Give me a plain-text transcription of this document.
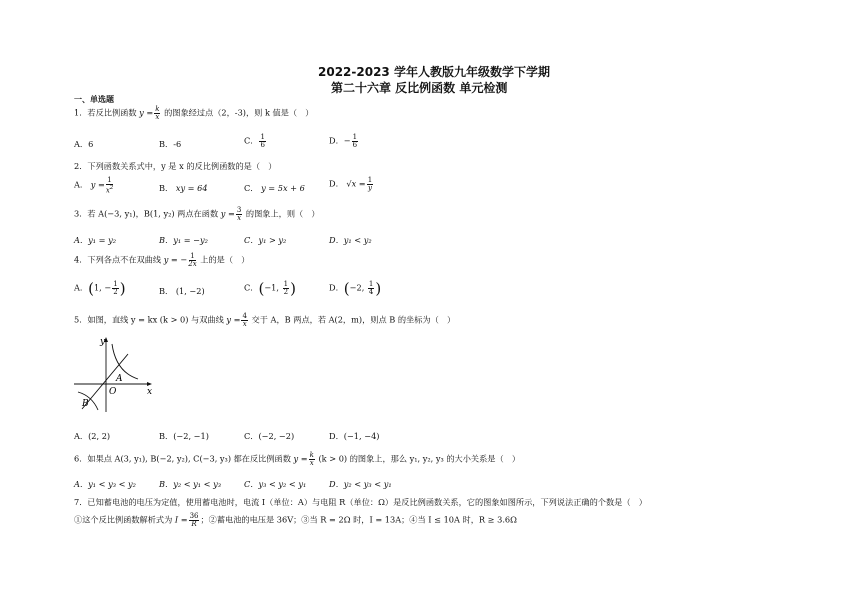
2022-2023 学年人教版九年级数学下学期
第二十六章 反比例函数 单元检测
一、单选题
1．若反比例函数 $y = \frac{k}{x}$ 的图象经过点（2，-3)，则 k 值是（　）
A．6	B．-6	C． $\frac{1}{6}$	D．− $\frac{1}{6}$
2．下列函数关系式中，y 是 x 的反比例函数的是（　）
A． $y = \frac{1}{x^2}$	B． xy = 64	C． y = 5x + 6	D． $√x = \frac{1}{y}$
3．若 A(−3, y₁)，B(1, y₂) 两点在函数 $y = \frac{3}{x}$ 的图象上，则（　）
A．y₁ = y₂	B．y₁ = −y₂	C．y₁ > y₂	D．y₁ < y₂
4．下列各点不在双曲线 y = − $\frac{1}{2x}$ 上的是（　）
A．(1, − $\frac{1}{2}$ )	B． (1, −2)	C．(−1, $\frac{1}{2}$ )	D．(−2, $\frac{1}{4}$ )
5．如图，直线 y = kx (k > 0) 与双曲线 $y = \frac{4}{x}$ 交于 A，B 两点，若 A(2，m)，则点 B 的坐标为（　）
y
x
O
A
B
A．(2, 2)	B．(−2, −1)	C．(−2, −2)	D．(−1, −4)
6．如果点 A(3, y₁), B(−2, y₂), C(−3, y₃) 都在反比例函数 $y = \frac{k}{x} (k > 0)$ 的图象上，那么 y₁, y₂, y₃ 的大小关系是（　）
A．y₁ < y₃ < y₂	B．y₂ < y₁ < y₃	C．y₃ < y₂ < y₁	D．y₂ < y₃ < y₁
7．已知蓄电池的电压为定值，使用蓄电池时，电流 I（单位：A）与电阻 R（单位：Ω）是反比例函数关系，它的图象如图所示，下列说法正确的个数是（　）
①这个反比例函数解析式为 $I = \frac{36}{R}$ ；②蓄电池的电压是 36V；③当 R = 2Ω 时，I = 13A；④当 I ≤ 10A 时，R ≥ 3.6Ω
